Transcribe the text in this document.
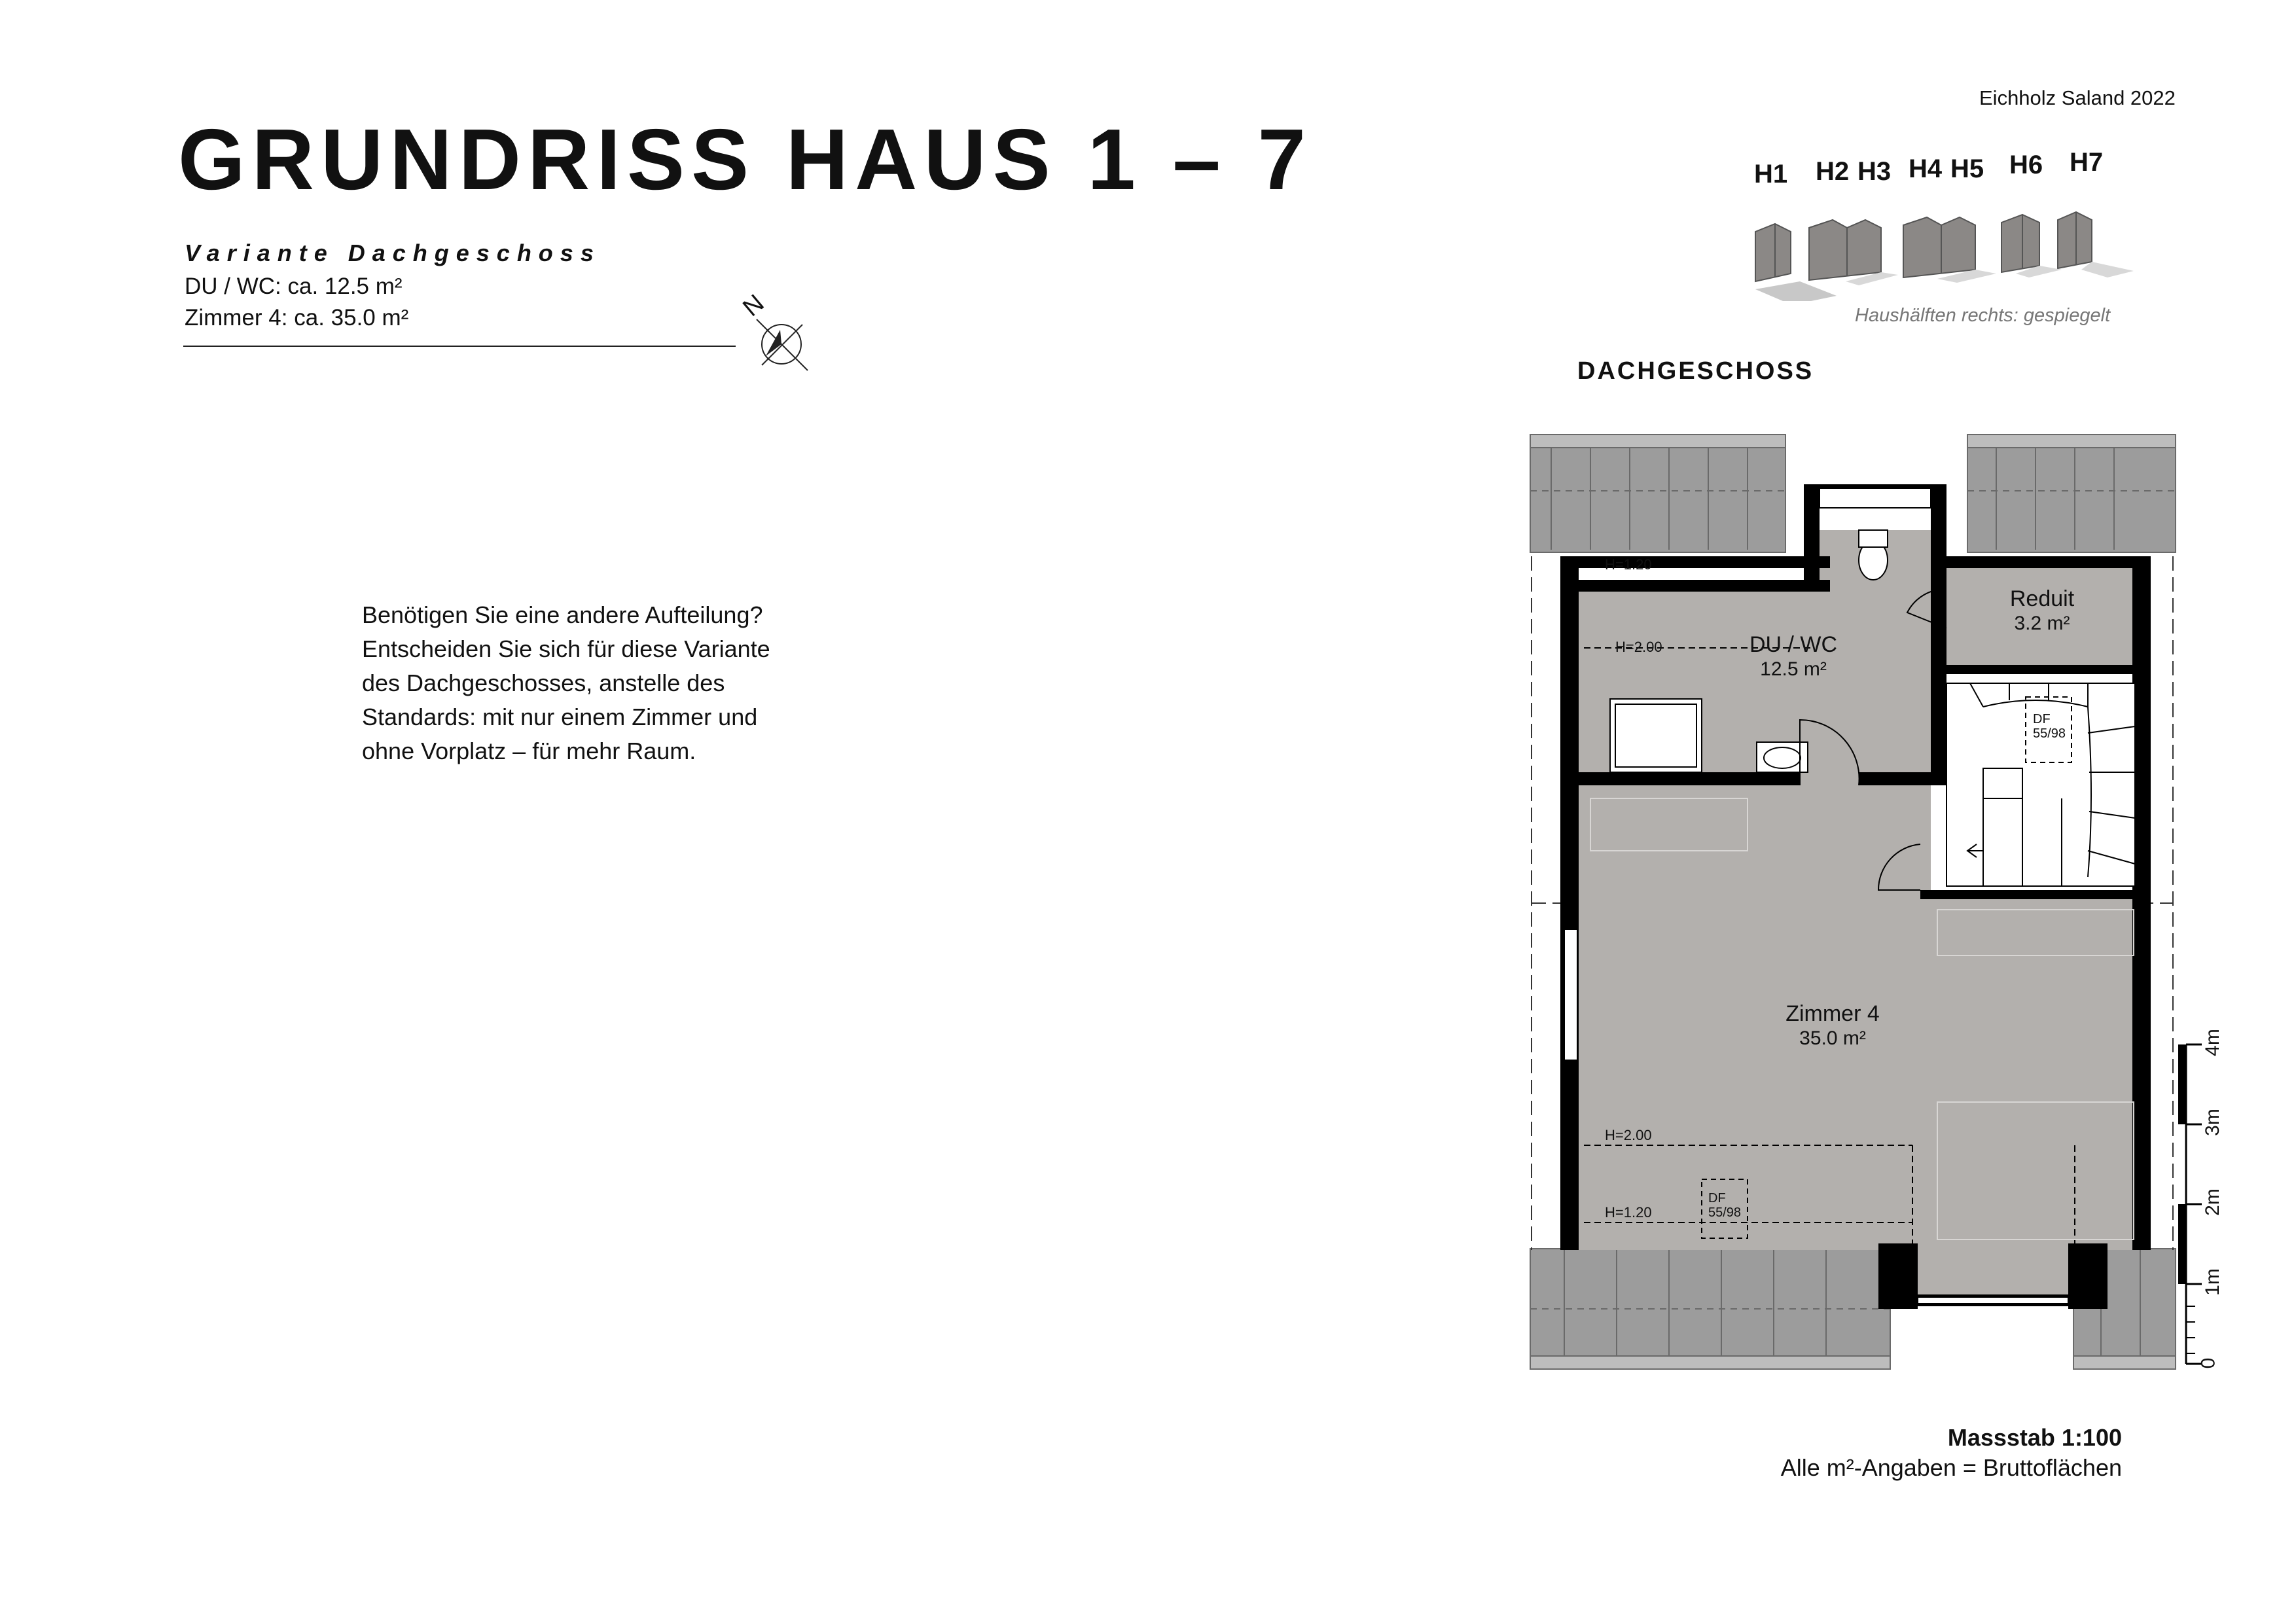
GRUNDRISS HAUS 1 – 7
Variante Dachgeschoss
DU / WC: ca. 12.5 m²
Zimmer 4: ca. 35.0 m²	N
Benötigen Sie eine andere Aufteilung?
Entscheiden Sie sich für diese Variante
des Dachgeschosses, anstelle des
Standards: mit nur einem Zimmer und
ohne Vorplatz – für mehr Raum.
Eichholz Saland 2022
H1 H2 H3 H4 H5 H6 H7
Haushälften rechts: gespiegelt
DACHGESCHOSS
DU / WC
12.5 m²
Reduit
3.2 m²
Zimmer 4
35.0 m²
H=1.20
H=2.00
H=2.00
H=1.20
DF
55/98
DF
55/98
0
1m
2m
3m
4m
Massstab 1:100
Alle m²-Angaben = Bruttoflächen
